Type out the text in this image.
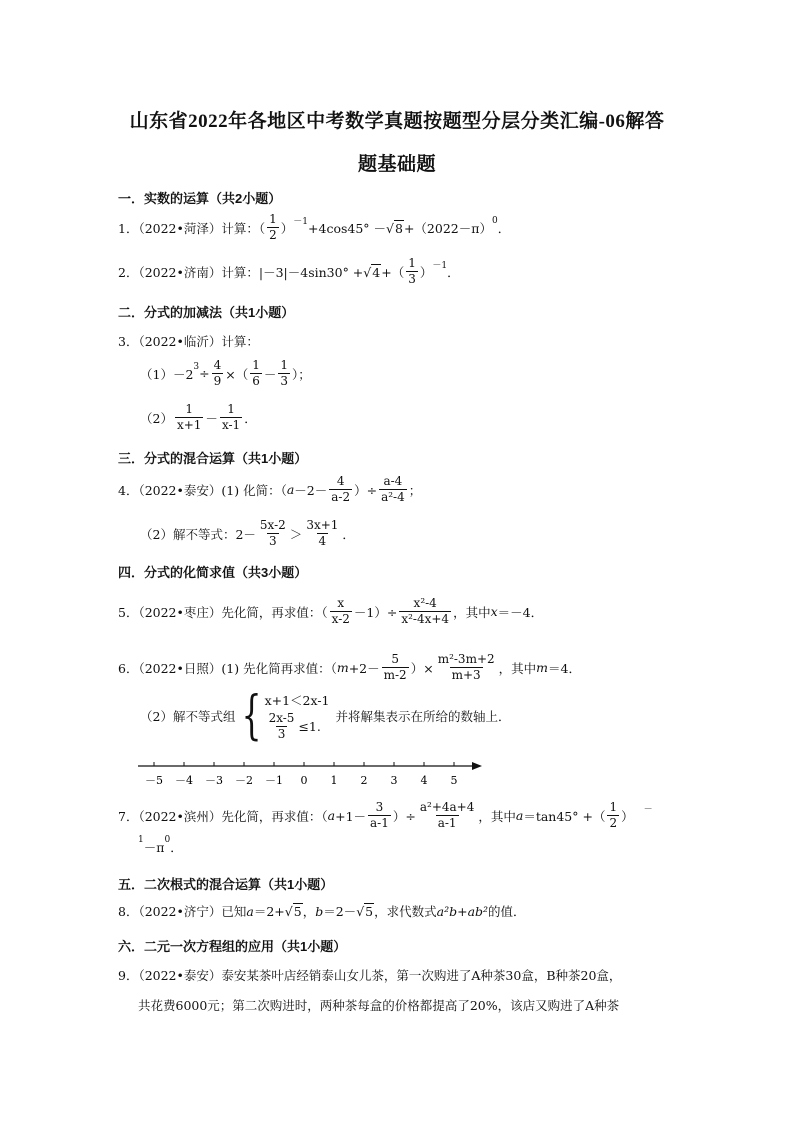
山东省2022年各地区中考数学真题按题型分层分类汇编-06解答
题基础题
一．实数的运算（共2小题）
1．（2022•菏泽）计算：（ $\frac{1}{2}$ ） －1 +4cos45° － √ 8 +（2022－π） 0 ．
2．（2022•济南）计算：|－3|－4sin30° + √ 4 +（ $\frac{1}{3}$ ） －1 ．
二．分式的加减法（共1小题）
3．（2022•临沂）计算：
（1）－2 $3 \div \frac{4}{9}$ ×（ $\frac{1}{6} - \frac{1}{3}$ ）；
$(2) \frac{1}{x+1} - \frac{1}{x-1}$ ．
三．分式的混合运算（共1小题）
4．（2022•泰安）(1) 化简：（ $a -2- \frac{4}{a-2}$ ）÷ $\frac{a-4}{\text{a²-4}}$ ；
（2）解不等式：$2- \frac{5x-2}{3} > \frac{3x+1}{4}$ ．
四．分式的化简求值（共3小题）
5．（2022•枣庄）先化简，再求值：（ $\frac{x}{x-2} -1)\div \frac{\text{x²-4}}{\text{x²-4x+4}}$ ，其中 x ＝－4．
6．（2022•日照）(1) 先化简再求值：（ $m +2- \frac{5}{m-2}$ ）× $\frac{\text{m²-3m+2}}{m+3}$ ，其中 m ＝4．
（2）解不等式组 { x+1＜2x-1
$\frac{2x-5}{3} \le 1$.
并将解集表示在所给的数轴上．
－5 －4 －3 －2 －1 0 1 2 3 4 5
7．（2022•滨州）先化简，再求值：（ $a +1- \frac{3}{a-1}$ ）÷ $\frac{\text{a²+4a+4}}{a-1}$ ，其中 a ＝tan45° +（ $\frac{1}{2}$ ） －
1 －π 0 ．
五．二次根式的混合运算（共1小题）
8．（2022•济宁）已知 a ＝2+ √ 5 ， b ＝2－ √ 5 ，求代数式 a²b+ab² 的值．
六．二元一次方程组的应用（共1小题）
9．（2022•泰安）泰安某茶叶店经销泰山女儿茶，第一次购进了A种茶30盒，B种茶20盒，
共花费6000元；第二次购进时，两种茶每盒的价格都提高了20%，该店又购进了A种茶
